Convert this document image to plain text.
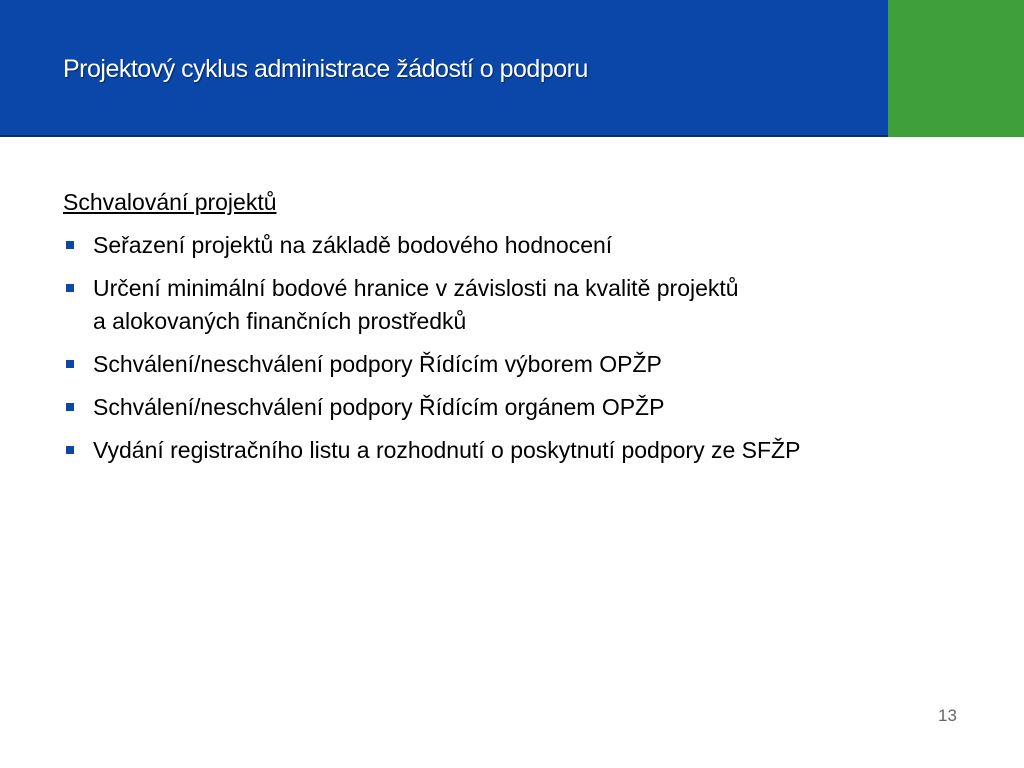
Projektový cyklus administrace žádostí o podporu
Schvalování projektů
Seřazení projektů na základě bodového hodnocení
Určení minimální bodové hranice v závislosti na kvalitě projektů
a alokovaných finančních prostředků
Schválení/neschválení podpory Řídícím výborem OPŽP
Schválení/neschválení podpory Řídícím orgánem OPŽP
Vydání registračního listu a rozhodnutí o poskytnutí podpory ze SFŽP
13
